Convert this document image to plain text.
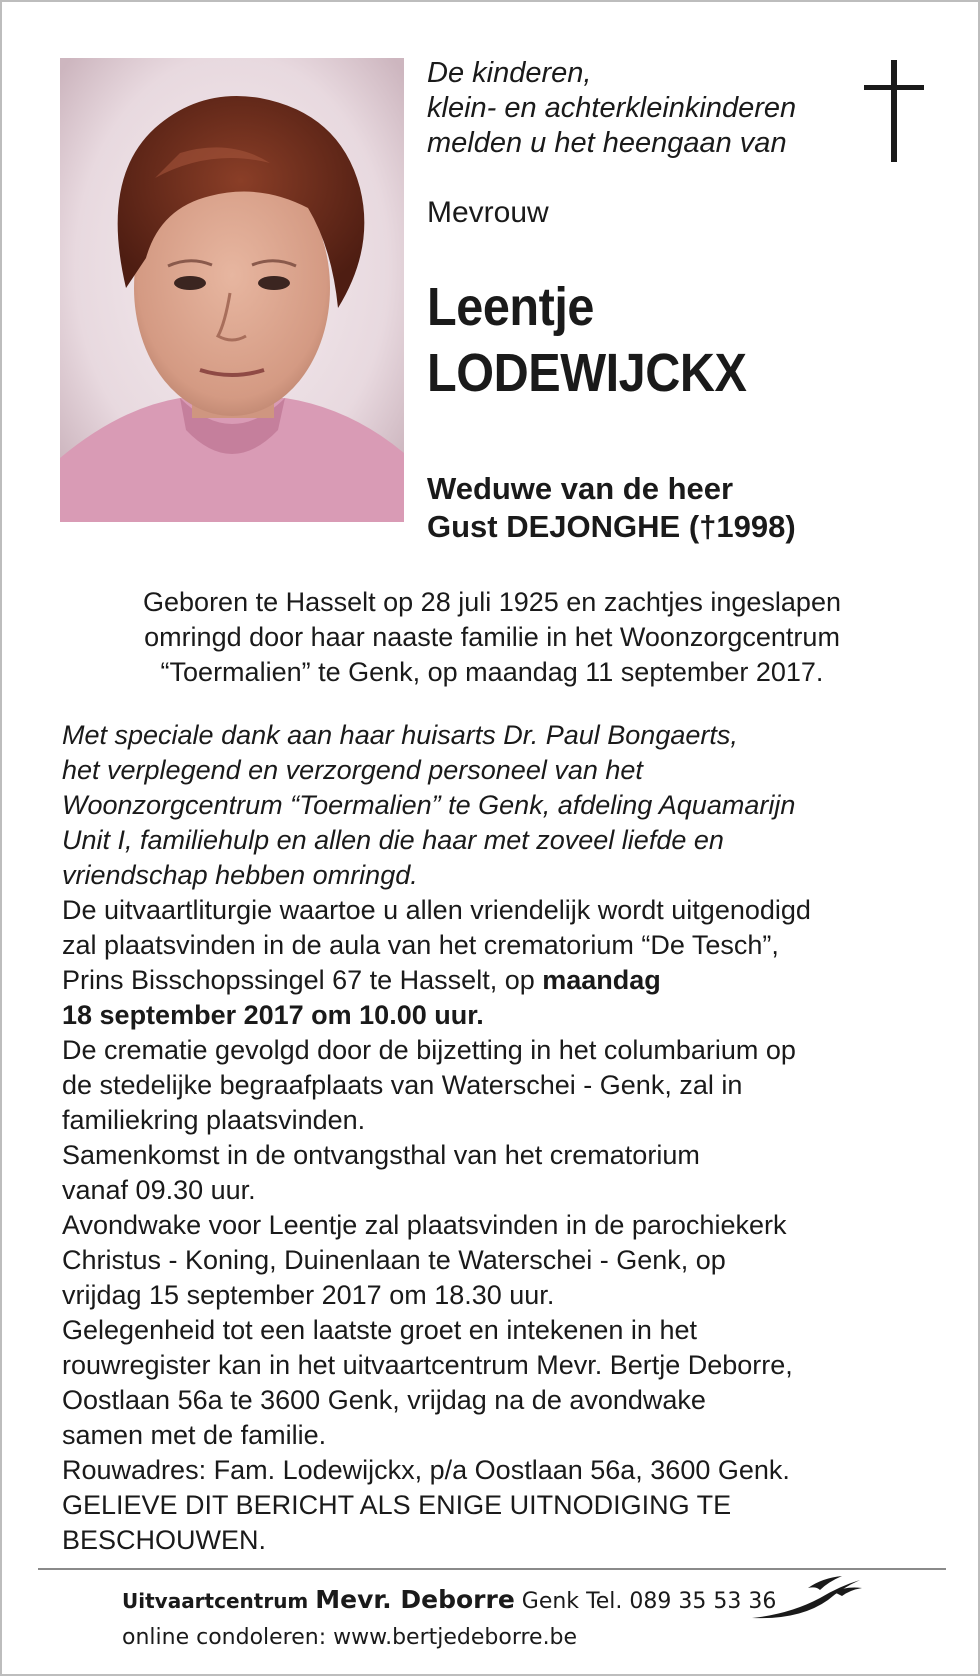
De kinderen,
klein- en achterkleinkinderen
melden u het heengaan van
Mevrouw
Leentje
LODEWIJCKX
Weduwe van de heer
Gust DEJONGHE (†1998)
Geboren te Hasselt op 28 juli 1925 en zachtjes ingeslapen
omringd door haar naaste familie in het Woonzorgcentrum
“Toermalien” te Genk, op maandag 11 september 2017.
Met speciale dank aan haar huisarts Dr. Paul Bongaerts,
het verplegend en verzorgend personeel van het
Woonzorgcentrum “Toermalien” te Genk, afdeling Aquamarijn
Unit I, familiehulp en allen die haar met zoveel liefde en
vriendschap hebben omringd.
De uitvaartliturgie waartoe u allen vriendelijk wordt uitgenodigd
zal plaatsvinden in de aula van het crematorium “De Tesch”,
Prins Bisschopssingel 67 te Hasselt, op maandag
18 september 2017 om 10.00 uur.
De crematie gevolgd door de bijzetting in het columbarium op
de stedelijke begraafplaats van Waterschei - Genk, zal in
familiekring plaatsvinden.
Samenkomst in de ontvangsthal van het crematorium
vanaf 09.30 uur.
Avondwake voor Leentje zal plaatsvinden in de parochiekerk
Christus - Koning, Duinenlaan te Waterschei - Genk, op
vrijdag 15 september 2017 om 18.30 uur.
Gelegenheid tot een laatste groet en intekenen in het
rouwregister kan in het uitvaartcentrum Mevr. Bertje Deborre,
Oostlaan 56a te 3600 Genk, vrijdag na de avondwake
samen met de familie.
Rouwadres: Fam. Lodewijckx, p/a Oostlaan 56a, 3600 Genk.
GELIEVE DIT BERICHT ALS ENIGE UITNODIGING TE
BESCHOUWEN.
Uitvaartcentrum Mevr. Deborre Genk Tel. 089 35 53 36
online condoleren: www.bertjedeborre.be
